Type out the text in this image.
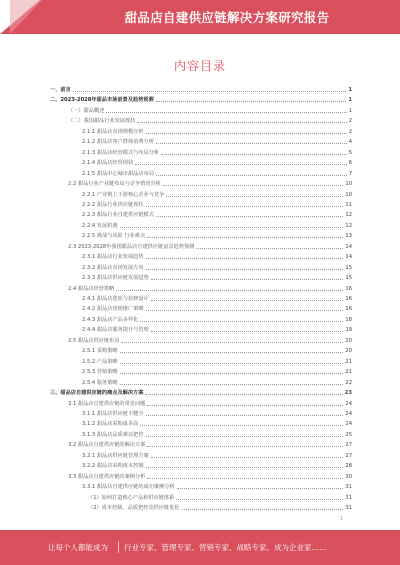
甜品店自建供应链解决方案研究报告
内容目录
一、前言	1
二、2023-2028年甜品市场前景及趋势预测	1
（一）甜品概述	1
（二）我国甜品行业发展现状	2
2.1.1 甜品店市场规模分析	2
2.1.2 甜品店客户群体消费分析	4
2.1.3 甜品店经营模式与布局分析	5
2.1.4 甜品店经营现状	6
2.1.5 甜品中心城市甜品店布局	7
2.2 甜品行业产业链布局与竞争情况分析	10
2.2.1 产业链上下游核心企业与竞争	10
2.2.2 甜品行业供应链现状	11
2.2.3 甜品行业自建供应链模式	12
2.2.4 发展机遇	12
2.2.5 挑战与风险 行业难点	13
2.3 2023-2028年我国甜品店自建供应链前景趋势预测	14
2.3.1 甜品店行业发展趋势	14
2.3.2 甜品店市场发展方向	15
2.3.3 甜品店供应链发展趋势	15
2.4 甜品店经营策略	16
2.4.1 甜品店选址与装修设计	16
2.4.2 甜品店营销推广策略	16
2.4.3 甜品店产品多样化	18
2.4.4 甜品店服务提升与管理	19
2.5 甜品店供应链布局	20
2.5.1 采购策略	20
2.5.2 产品策略	21
2.5.3 营销策略	21
2.5.4 服务策略	22
三、甜品店自建供应链的痛点及解决方案	23
3.1 甜品店自建供应链的常见问题	24
3.1.1 甜品店供应链不健全	24
3.1.2 甜品店采购成本高	24
3.1.3 甜品店品质难以把控	25
3.2 甜品店自建供应链的解决方案	27
3.2.1 甜品店供应链管理方案	27
3.2.2 甜品店采购成本控制	28
3.3 甜品店自建供应链的案例分析	30
3.3.1 甜品店自建供应链的成功案例分析	31
（1）如何打造核心产品和供应链体系	31
（2）成本控制、品质把控及供应链优化	31
1
让每个人都能成为 行业专家、管理专家、营销专家、战略专家、成为企业家……
